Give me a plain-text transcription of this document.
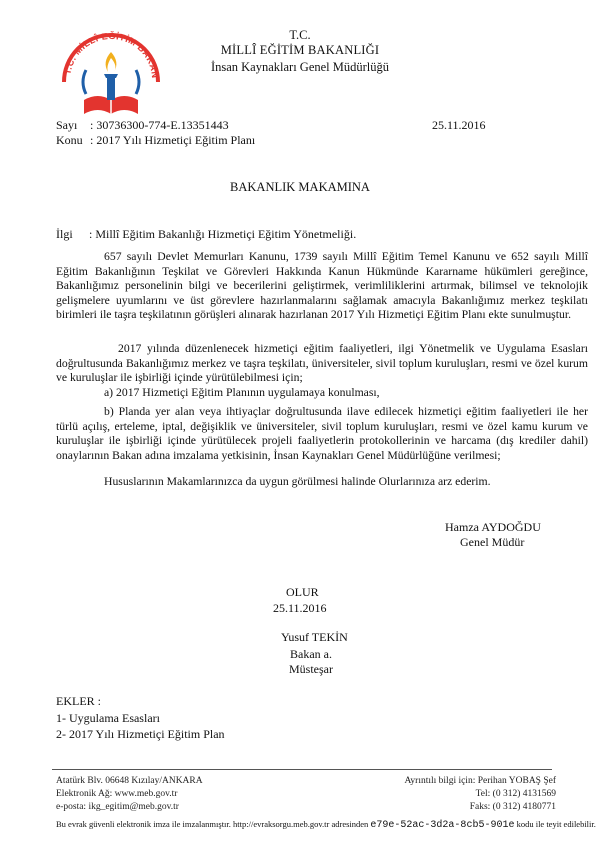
T.C. MİLLÎ EĞİTİM BAKAN
T.C.
MİLLÎ EĞİTİM BAKANLIĞI
İnsan Kaynakları Genel Müdürlüğü
Sayı : 30736300-774-E.13351443	25.11.2016
Konu : 2017 Yılı Hizmetiçi Eğitim Planı
BAKANLIK MAKAMINA
İlgi : Millî Eğitim Bakanlığı Hizmetiçi Eğitim Yönetmeliği.
657 sayılı Devlet Memurları Kanunu, 1739 sayılı Millî Eğitim Temel Kanunu ve 652 sayılı Millî Eğitim Bakanlığının Teşkilat ve Görevleri Hakkında Kanun Hükmünde Kararname hükümleri gereğince, Bakanlığımız personelinin bilgi ve becerilerini geliştirmek, verimliliklerini artırmak, bilimsel ve teknolojik gelişmelere uyumlarını ve üst görevlere hazırlanmalarını sağlamak amacıyla Bakanlığımız merkez teşkilatı birimleri ile taşra teşkilatının görüşleri alınarak hazırlanan 2017 Yılı Hizmetiçi Eğitim Planı ekte sunulmuştur.
2017 yılında düzenlenecek hizmetiçi eğitim faaliyetleri, ilgi Yönetmelik ve Uygulama Esasları doğrultusunda Bakanlığımız merkez ve taşra teşkilatı, üniversiteler, sivil toplum kuruluşları, resmi ve özel kurum ve kuruluşlar ile işbirliği içinde yürütülebilmesi için;
a) 2017 Hizmetiçi Eğitim Planının uygulamaya konulması,
b) Planda yer alan veya ihtiyaçlar doğrultusunda ilave edilecek hizmetiçi eğitim faaliyetleri ile her türlü açılış, erteleme, iptal, değişiklik ve üniversiteler, sivil toplum kuruluşları, resmi ve özel kamu kurum ve kuruluşlar ile işbirliği içinde yürütülecek projeli faaliyetlerin protokollerinin ve harcama (dış krediler dahil) onaylarının Bakan adına imzalama yetkisinin, İnsan Kaynakları Genel Müdürlüğüne verilmesi;
Hususlarının Makamlarınızca da uygun görülmesi halinde Olurlarınıza arz ederim.
Hamza AYDOĞDU
Genel Müdür
OLUR
25.11.2016
Yusuf TEKİN
Bakan a.
Müsteşar
EKLER :
1- Uygulama Esasları
2- 2017 Yılı Hizmetiçi Eğitim Plan
Atatürk Blv. 06648 Kızılay/ANKARA
Elektronik Ağ: www.meb.gov.tr
e-posta: ikg_egitim@meb.gov.tr
Ayrıntılı bilgi için: Perihan YOBAŞ Şef
Tel: (0 312) 4131569
Faks: (0 312) 4180771
Bu evrak güvenli elektronik imza ile imzalanmıştır. http://evraksorgu.meb.gov.tr adresinden e79e-52ac-3d2a-8cb5-901e kodu ile teyit edilebilir.
